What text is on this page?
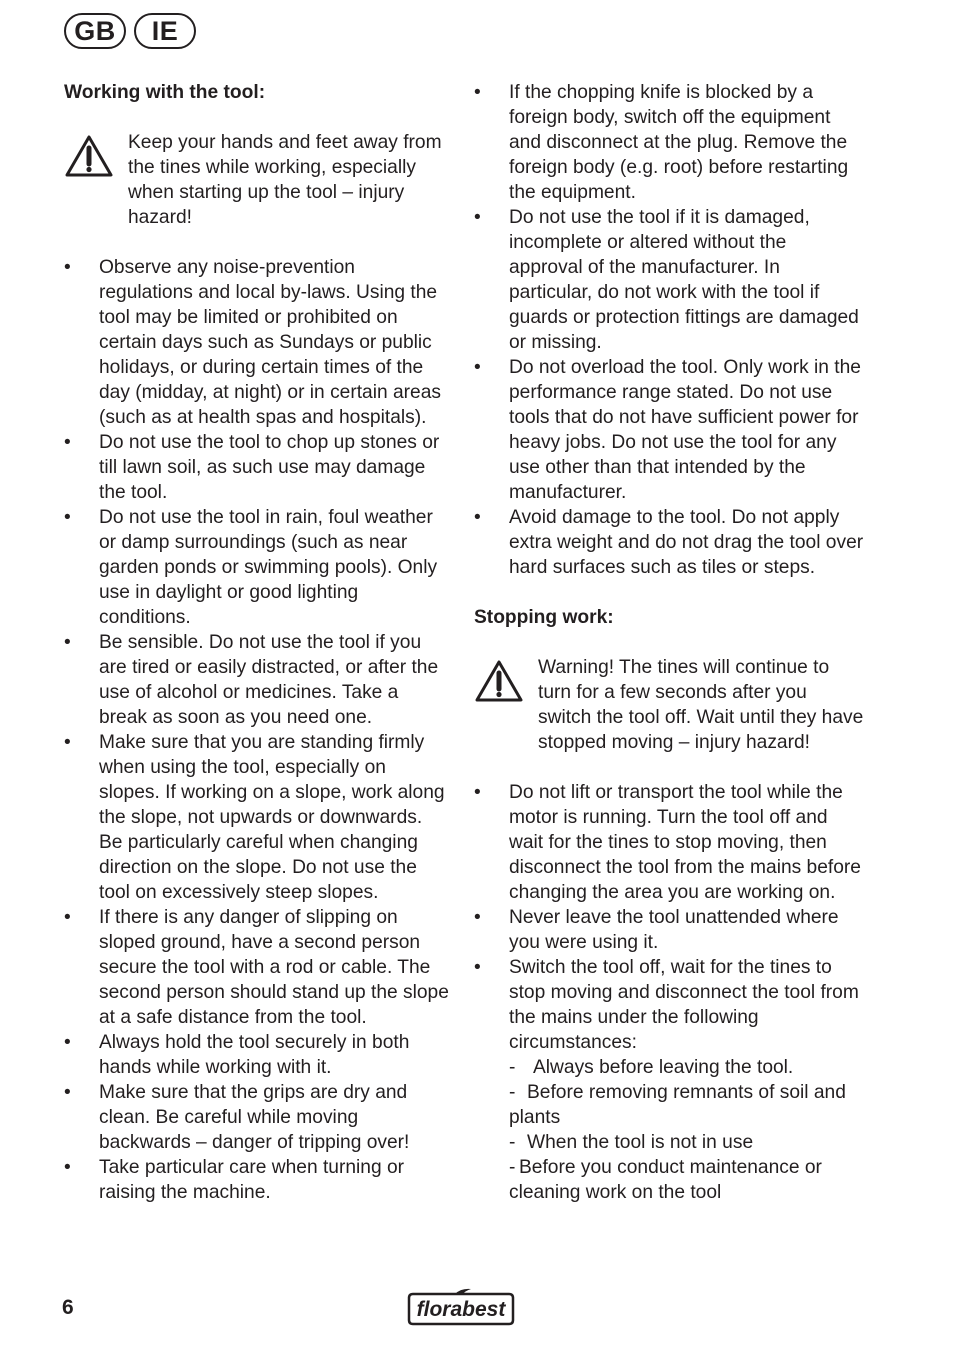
GB	IE
Working with the tool:

Keep your hands and feet away from the tines while working, especially when starting up the tool – injury hazard!

• Observe any noise-prevention regulations and local by-laws. Using the tool may be limited or prohibited on certain days such as Sundays or public holidays, or during certain times of the day (midday, at night) or in certain areas (such as at health spas and hospitals).
• Do not use the tool to chop up stones or till lawn soil, as such use may damage the tool.
• Do not use the tool in rain, foul weather or damp surroundings (such as near garden ponds or swimming pools). Only use in daylight or good lighting conditions.
• Be sensible. Do not use the tool if you are tired or easily distracted, or after the use of alcohol or medicines. Take a break as soon as you need one.
• Make sure that you are standing firmly when using the tool, especially on slopes. If working on a slope, work along the slope, not upwards or downwards. Be particularly careful when changing direction on the slope. Do not use the tool on excessively steep slopes.
• If there is any danger of slipping on sloped ground, have a second person secure the tool with a rod or cable. The second person should stand up the slope at a safe distance from the tool.
• Always hold the tool securely in both hands while working with it.
• Make sure that the grips are dry and clean. Be careful while moving backwards – danger of tripping over!
• Take particular care when turning or raising the machine.
• If the chopping knife is blocked by a foreign body, switch off the equipment and disconnect at the plug. Remove the foreign body (e.g. root) before restarting the equipment.
• Do not use the tool if it is damaged, incomplete or altered without the approval of the manufacturer. In particular, do not work with the tool if guards or protection fittings are damaged or missing.
• Do not overload the tool. Only work in the performance range stated. Do not use tools that do not have sufficient power for heavy jobs. Do not use the tool for any use other than that intended by the manufacturer.
• Avoid damage to the tool. Do not apply extra weight and do not drag the tool over hard surfaces such as tiles or steps.
Stopping work:

Warning! The tines will continue to turn for a few seconds after you switch the tool off. Wait until they have stopped moving – injury hazard!

• Do not lift or transport the tool while the motor is running. Turn the tool off and wait for the tines to stop moving, then disconnect the tool from the mains before changing the area you are working on.
• Never leave the tool unattended where you were using it.
• Switch the tool off, wait for the tines to stop moving and disconnect the tool from the mains under the following circumstances:
- Always before leaving the tool.
- Before removing remnants of soil and plants
- When the tool is not in use
- Before you conduct maintenance or cleaning work on the tool
6	florabest
